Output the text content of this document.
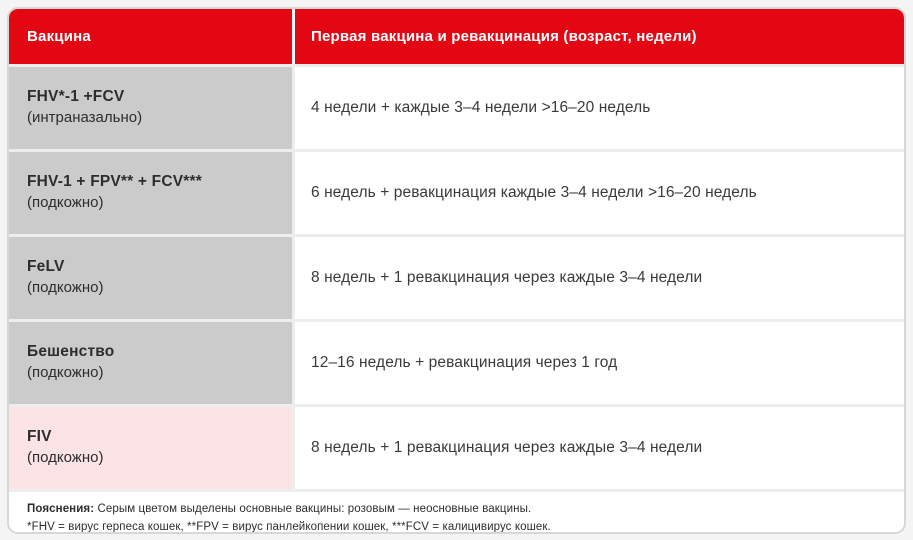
Вакцина	Первая вакцина и ревакцинация (возраст, недели)
FHV*-1 +FCV
(интраназально)
4 недели + каждые 3–4 недели >16–20 недель
FHV-1 + FPV** + FCV***
(подкожно)
6 недель + ревакцинация каждые 3–4 недели >16–20 недель
FeLV
(подкожно)
8 недель + 1 ревакцинация через каждые 3–4 недели
Бешенство
(подкожно)
12–16 недель + ревакцинация через 1 год
FIV
(подкожно)
8 недель + 1 ревакцинация через каждые 3–4 недели
Пояснения: Серым цветом выделены основные вакцины: розовым — неосновные вакцины.
*FHV = вирус герпеса кошек, **FPV = вирус панлейкопении кошек, ***FCV = калицивирус кошек.
